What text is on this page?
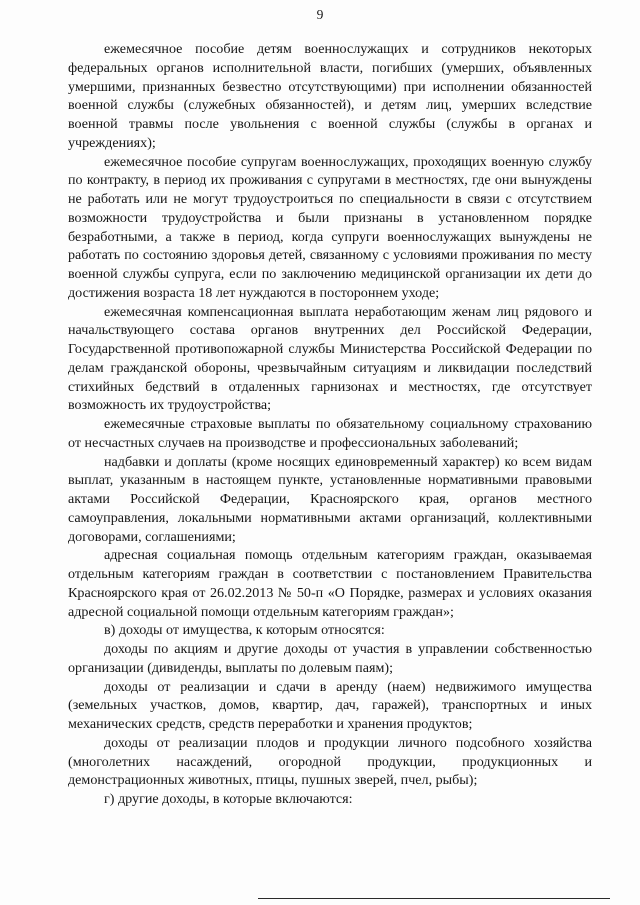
9

ежемесячное пособие детям военнослужащих и сотрудников некоторых федеральных органов исполнительной власти, погибших (умерших, объявленных умершими, признанных безвестно отсутствующими) при исполнении обязанностей военной службы (служебных обязанностей), и детям лиц, умерших вследствие военной травмы после увольнения с военной службы (службы в органах и учреждениях);

ежемесячное пособие супругам военнослужащих, проходящих военную службу по контракту, в период их проживания с супругами в местностях, где они вынуждены не работать или не могут трудоустроиться по специальности в связи с отсутствием возможности трудоустройства и были признаны в установленном порядке безработными, а также в период, когда супруги военнослужащих вынуждены не работать по состоянию здоровья детей, связанному с условиями проживания по месту военной службы супруга, если по заключению медицинской организации их дети до достижения возраста 18 лет нуждаются в постороннем уходе;

ежемесячная компенсационная выплата неработающим женам лиц рядового и начальствующего состава органов внутренних дел Российской Федерации, Государственной противопожарной службы Министерства Российской Федерации по делам гражданской обороны, чрезвычайным ситуациям и ликвидации последствий стихийных бедствий в отдаленных гарнизонах и местностях, где отсутствует возможность их трудоустройства;

ежемесячные страховые выплаты по обязательному социальному страхованию от несчастных случаев на производстве и профессиональных заболеваний;

надбавки и доплаты (кроме носящих единовременный характер) ко всем видам выплат, указанным в настоящем пункте, установленные нормативными правовыми актами Российской Федерации, Красноярского края, органов местного самоуправления, локальными нормативными актами организаций, коллективными договорами, соглашениями;

адресная социальная помощь отдельным категориям граждан, оказываемая отдельным категориям граждан в соответствии с постановлением Правительства Красноярского края от 26.02.2013 № 50-п «О Порядке, размерах и условиях оказания адресной социальной помощи отдельным категориям граждан»;

в) доходы от имущества, к которым относятся:

доходы по акциям и другие доходы от участия в управлении собственностью организации (дивиденды, выплаты по долевым паям);

доходы от реализации и сдачи в аренду (наем) недвижимого имущества (земельных участков, домов, квартир, дач, гаражей), транспортных и иных механических средств, средств переработки и хранения продуктов;

доходы от реализации плодов и продукции личного подсобного хозяйства (многолетних насаждений, огородной продукции, продукционных и демонстрационных животных, птицы, пушных зверей, пчел, рыбы);

г) другие доходы, в которые включаются:
